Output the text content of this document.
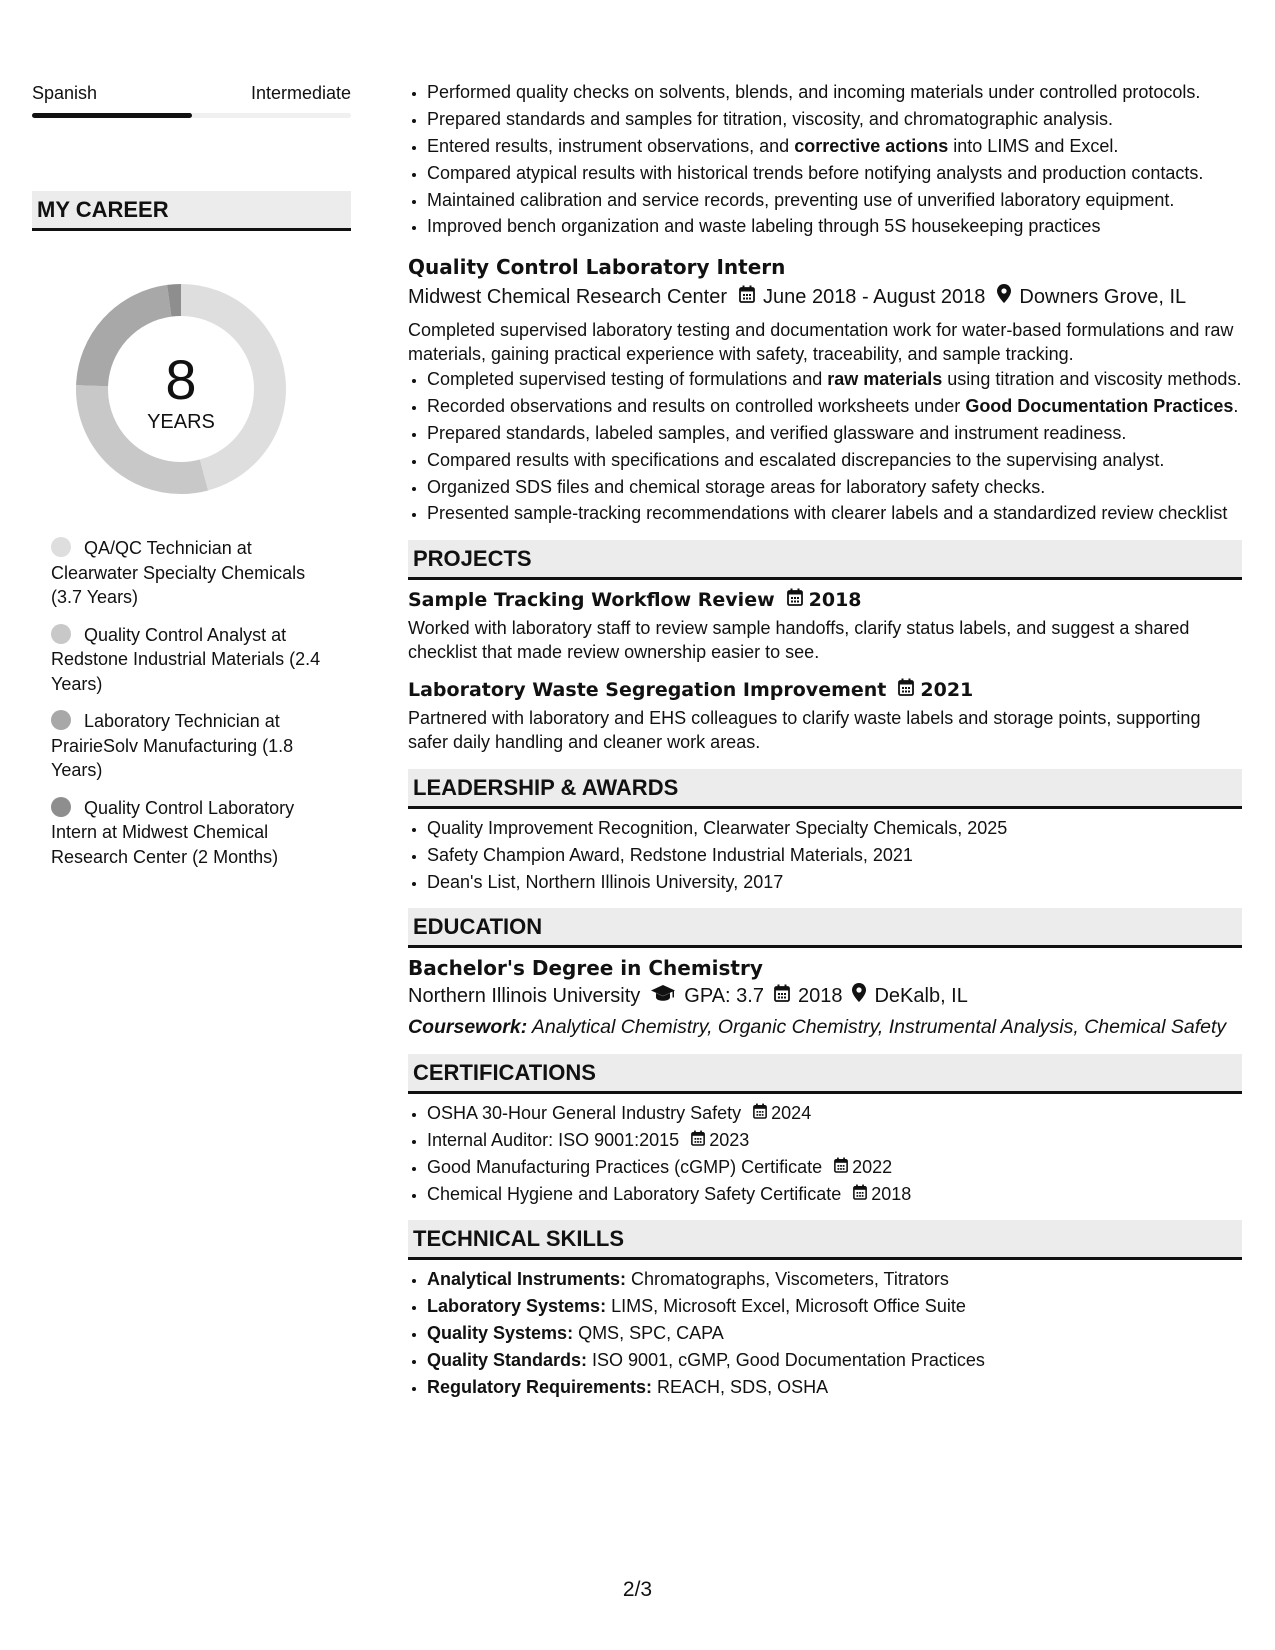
Spanish	Intermediate
MY CAREER
8
YEARS
QA/QC Technician at Clearwater Specialty Chemicals (3.7 Years)
Quality Control Analyst at Redstone Industrial Materials (2.4 Years)
Laboratory Technician at PrairieSolv Manufacturing (1.8 Years)
Quality Control Laboratory Intern at Midwest Chemical Research Center (2 Months)
• Performed quality checks on solvents, blends, and incoming materials under controlled protocols.
• Prepared standards and samples for titration, viscosity, and chromatographic analysis.
• Entered results, instrument observations, and corrective actions into LIMS and Excel.
• Compared atypical results with historical trends before notifying analysts and production contacts.
• Maintained calibration and service records, preventing use of unverified laboratory equipment.
• Improved bench organization and waste labeling through 5S housekeeping practices
Quality Control Laboratory Intern
Midwest Chemical Research Center June 2018 - August 2018 Downers Grove, IL
Completed supervised laboratory testing and documentation work for water-based formulations and raw materials, gaining practical experience with safety, traceability, and sample tracking.
• Completed supervised testing of formulations and raw materials using titration and viscosity methods.
• Recorded observations and results on controlled worksheets under Good Documentation Practices.
• Prepared standards, labeled samples, and verified glassware and instrument readiness.
• Compared results with specifications and escalated discrepancies to the supervising analyst.
• Organized SDS files and chemical storage areas for laboratory safety checks.
• Presented sample-tracking recommendations with clearer labels and a standardized review checklist
PROJECTS
Sample Tracking Workflow Review 2018
Worked with laboratory staff to review sample handoffs, clarify status labels, and suggest a shared checklist that made review ownership easier to see.
Laboratory Waste Segregation Improvement 2021
Partnered with laboratory and EHS colleagues to clarify waste labels and storage points, supporting safer daily handling and cleaner work areas.
LEADERSHIP & AWARDS
• Quality Improvement Recognition, Clearwater Specialty Chemicals, 2025
• Safety Champion Award, Redstone Industrial Materials, 2021
• Dean's List, Northern Illinois University, 2017
EDUCATION
Bachelor's Degree in Chemistry
Northern Illinois University GPA: 3.7 2018 DeKalb, IL
Coursework: Analytical Chemistry, Organic Chemistry, Instrumental Analysis, Chemical Safety
CERTIFICATIONS
• OSHA 30-Hour General Industry Safety 2024
• Internal Auditor: ISO 9001:2015 2023
• Good Manufacturing Practices (cGMP) Certificate 2022
• Chemical Hygiene and Laboratory Safety Certificate 2018
TECHNICAL SKILLS
• Analytical Instruments: Chromatographs, Viscometers, Titrators
• Laboratory Systems: LIMS, Microsoft Excel, Microsoft Office Suite
• Quality Systems: QMS, SPC, CAPA
• Quality Standards: ISO 9001, cGMP, Good Documentation Practices
• Regulatory Requirements: REACH, SDS, OSHA
2/3
